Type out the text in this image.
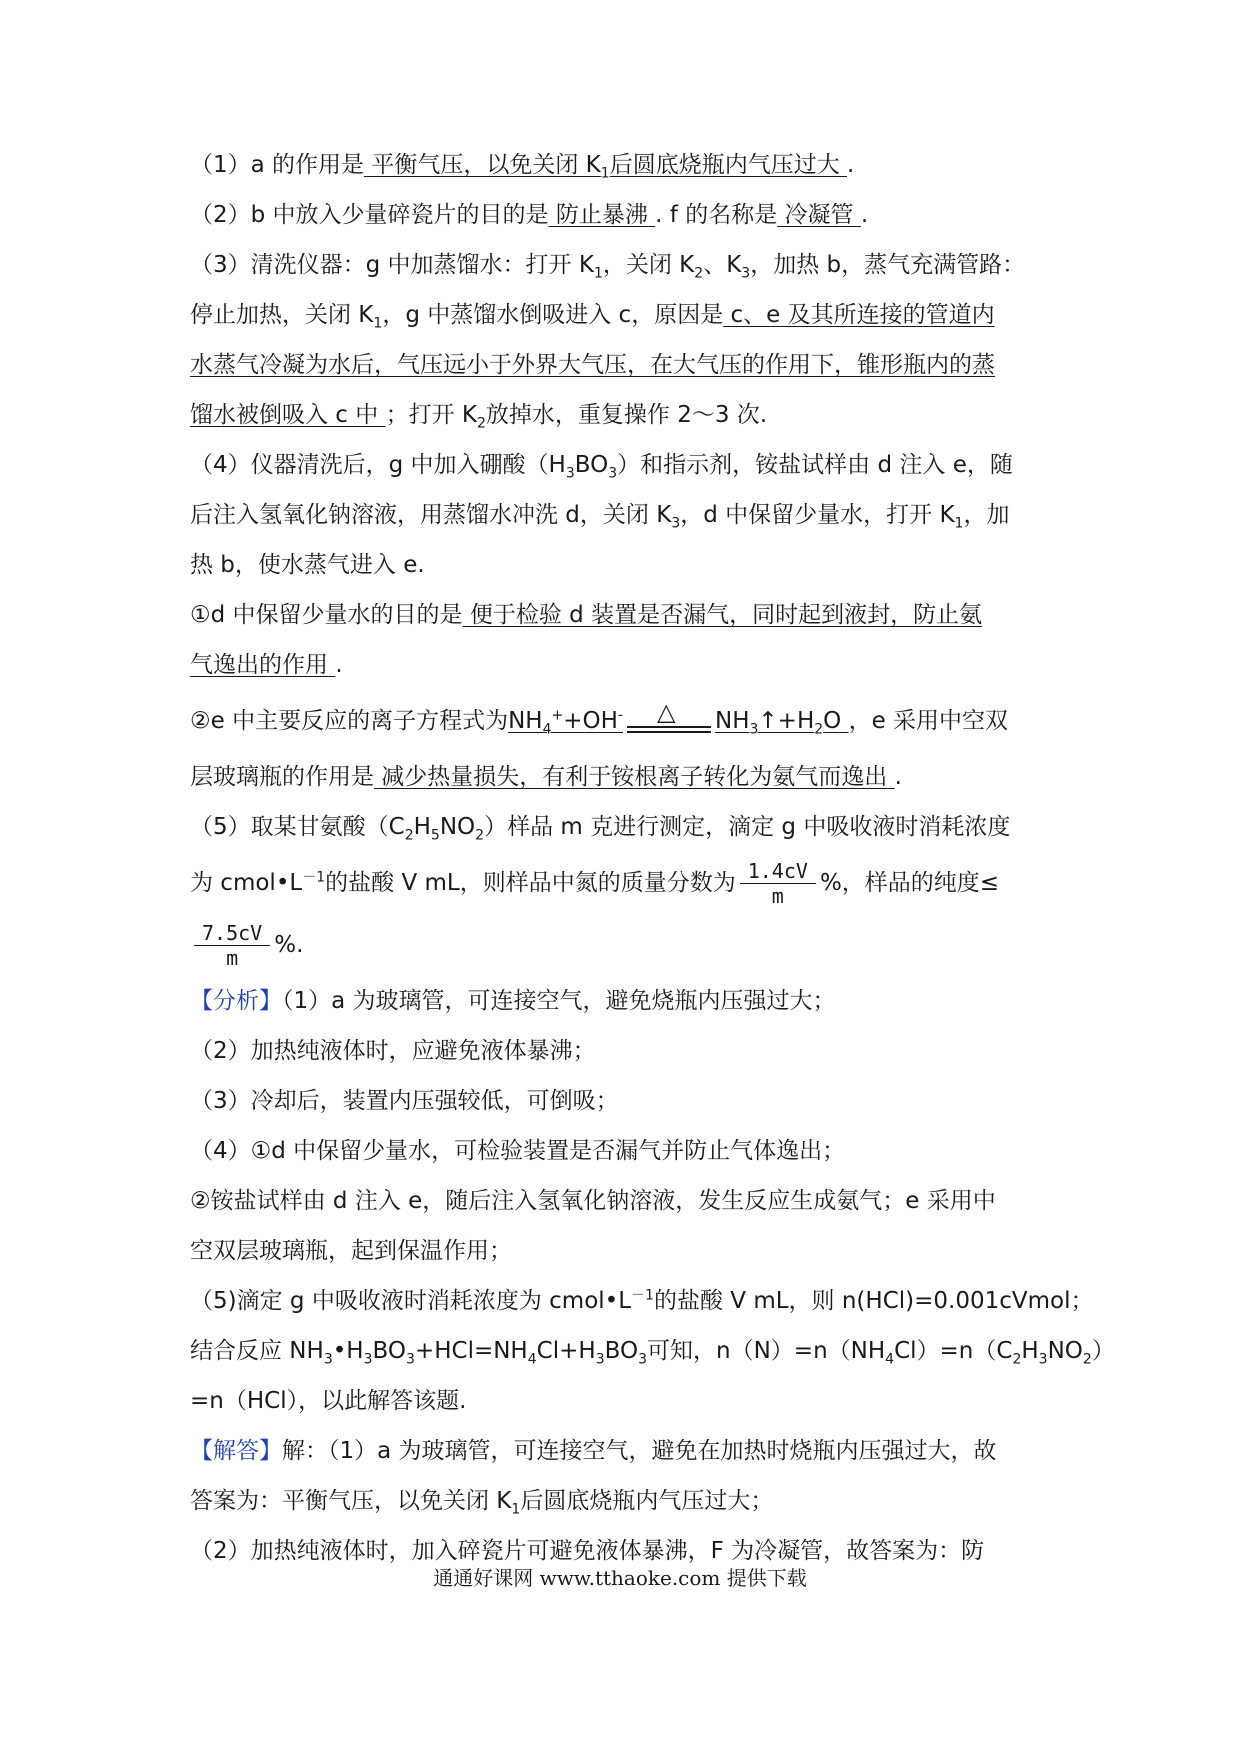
（1）a 的作用是 平衡气压，以免关闭 $K_1$后圆底烧瓶内气压过大 .
（2）b 中放入少量碎瓷片的目的是 防止暴沸 . f 的名称是 冷凝管 .
（3）清洗仪器：g 中加蒸馏水：打开 $K_1$，关闭 $K_2$、$K_3$，加热 b，蒸气充满管路：
停止加热，关闭 $K_1$，g 中蒸馏水倒吸进入 c，原因是 c、e 及其所连接的管道内
水蒸气冷凝为水后，气压远小于外界大气压，在大气压的作用下，锥形瓶内的蒸
馏水被倒吸入 c 中 ；打开 $K_2$放掉水，重复操作 2～3 次.
（4）仪器清洗后，g 中加入硼酸$(H_3BO_3)$和指示剂，铵盐试样由 d 注入 e，随
后注入氢氧化钠溶液，用蒸馏水冲洗 d，关闭 $K_3$，d 中保留少量水，打开 $K_1$，加
热 b，使水蒸气进入 e.
①d 中保留少量水的目的是 便于检验 d 装置是否漏气，同时起到液封，防止氨
气逸出的作用 .
②e 中主要反应的离子方程式为$NH_4^++OH^-$ △ $NH_3↑+H_2O$ ，e 采用中空双
层玻璃瓶的作用是 减少热量损失，有利于铵根离子转化为氨气而逸出 .
（5）取某甘氨酸$(C_2H_5NO_2)$样品 m 克进行测定，滴定 g 中吸收液时消耗浓度
为 $cmol•L^{-1}$的盐酸 V mL，则样品中氮的质量分数为 $\frac{1.4cV}{m}$ %，样品的纯度≤
$\frac{7.5cV}{m}$ %.
【分析】（1）a 为玻璃管，可连接空气，避免烧瓶内压强过大；
（2）加热纯液体时，应避免液体暴沸；
（3）冷却后，装置内压强较低，可倒吸；
（4）①d 中保留少量水，可检验装置是否漏气并防止气体逸出；
②铵盐试样由 d 注入 e，随后注入氢氧化钠溶液，发生反应生成氨气；e 采用中
空双层玻璃瓶，起到保温作用；
（5)滴定 g 中吸收液时消耗浓度为 $cmol•L^{-1}$的盐酸 V mL，则 n(HCl)=0.001cVmol；
结合反应 $NH_3•H_3BO_3+HCl=NH_4Cl+H_3BO_3$可知，$n(N)=n(NH_4Cl)=n(C_2H_3NO_2)$
=n（HCl），以此解答该题.
【解答】解：（1）a 为玻璃管，可连接空气，避免在加热时烧瓶内压强过大，故
答案为：平衡气压，以免关闭 $K_1$后圆底烧瓶内气压过大；
（2）加热纯液体时，加入碎瓷片可避免液体暴沸，F 为冷凝管，故答案为：防
通通好课网 www.tthaoke.com 提供下载
